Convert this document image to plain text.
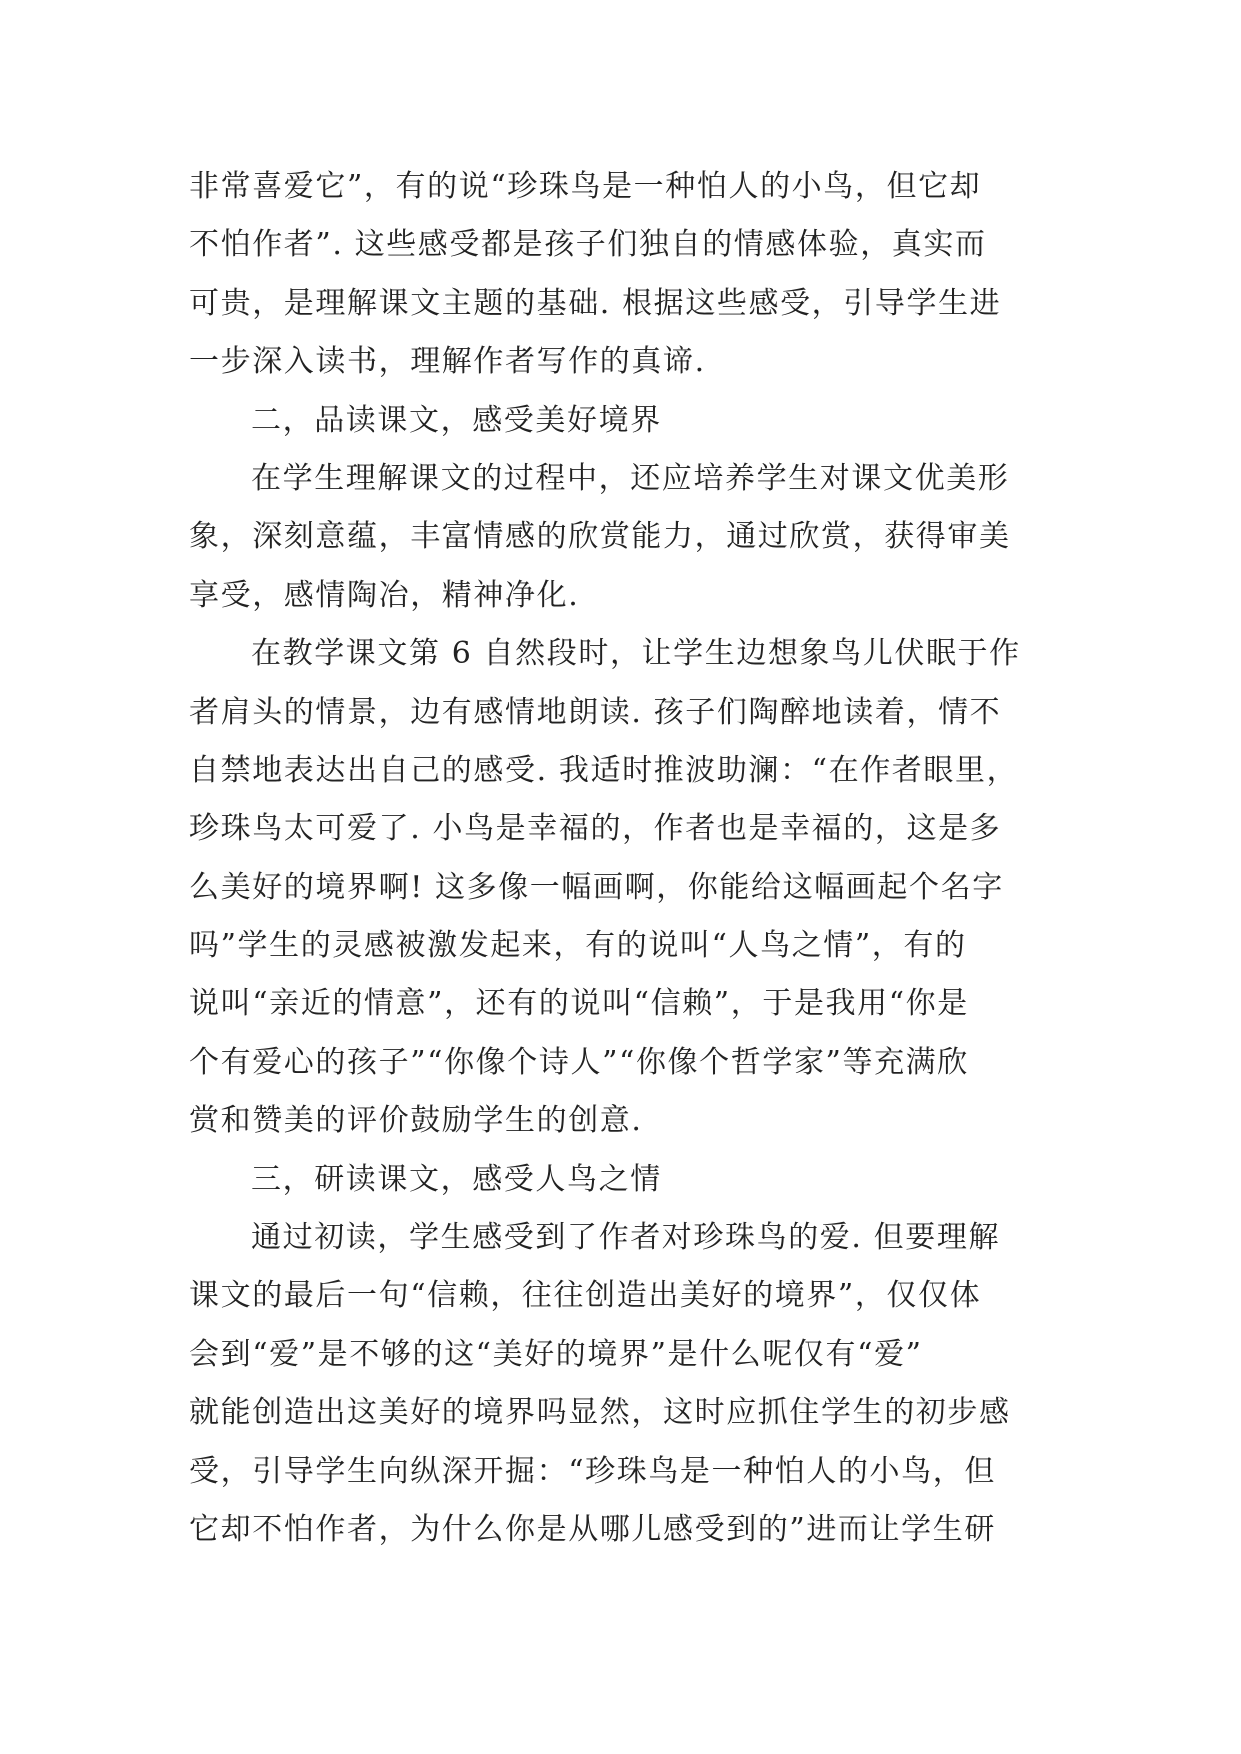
非常喜爱它”，有的说“珍珠鸟是一种怕人的小鸟，但它却
不怕作者”. 这些感受都是孩子们独自的情感体验，真实而
可贵，是理解课文主题的基础. 根据这些感受，引导学生进
一步深入读书，理解作者写作的真谛.
二，品读课文，感受美好境界
在学生理解课文的过程中，还应培养学生对课文优美形
象，深刻意蕴，丰富情感的欣赏能力，通过欣赏，获得审美
享受，感情陶冶，精神净化.
在教学课文第 6 自然段时，让学生边想象鸟儿伏眠于作
者肩头的情景，边有感情地朗读. 孩子们陶醉地读着，情不
自禁地表达出自己的感受. 我适时推波助澜：“在作者眼里，
珍珠鸟太可爱了. 小鸟是幸福的，作者也是幸福的，这是多
么美好的境界啊! 这多像一幅画啊，你能给这幅画起个名字
吗”学生的灵感被激发起来，有的说叫“人鸟之情”，有的
说叫“亲近的情意”，还有的说叫“信赖”，于是我用“你是
个有爱心的孩子”“你像个诗人”“你像个哲学家”等充满欣
赏和赞美的评价鼓励学生的创意.
三，研读课文，感受人鸟之情
通过初读，学生感受到了作者对珍珠鸟的爱. 但要理解
课文的最后一句“信赖，往往创造出美好的境界”，仅仅体
会到“爱”是不够的这“美好的境界”是什么呢仅有“爱”
就能创造出这美好的境界吗显然，这时应抓住学生的初步感
受，引导学生向纵深开掘：“珍珠鸟是一种怕人的小鸟，但
它却不怕作者，为什么你是从哪儿感受到的”进而让学生研
